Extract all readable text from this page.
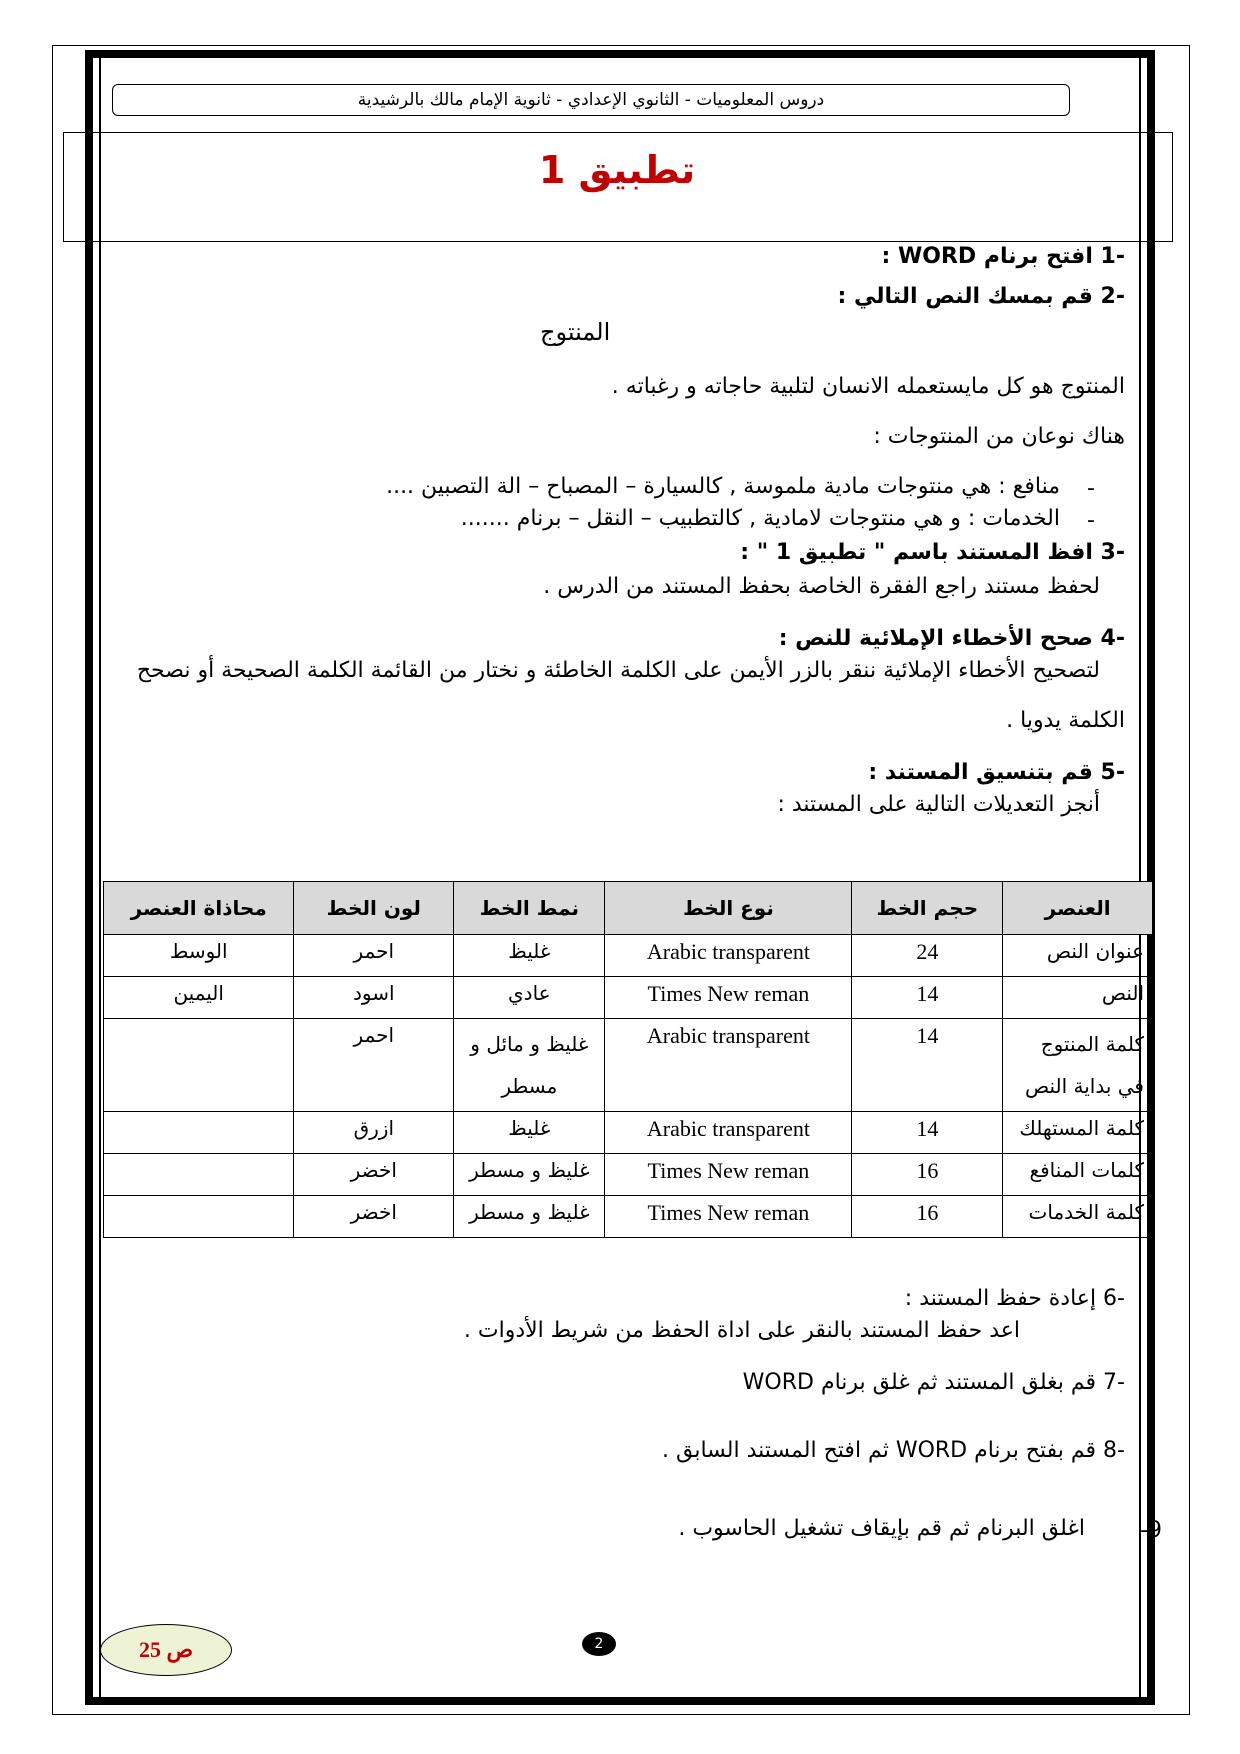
دروس المعلوميات - الثانوي الإعدادي - ثانوية الإمام مالك بالرشيدية
تطبيق 1
-1 افتح برنام WORD :
-2 قم بمسك النص التالي :
المنتوج
المنتوج هو كل مايستعمله الانسان لتلبية حاجاته و رغباته .
هناك نوعان من المنتوجات :
-
منافع : هي منتوجات مادية ملموسة , كالسيارة – المصباح – الة التصبين ....
-
الخدمات : و هي منتوجات لامادية , كالتطبيب – النقل – برنام .......
-3 افظ المستند باسم " تطبيق 1 " :
لحفظ مستند راجع الفقرة الخاصة بحفظ المستند من الدرس .
-4 صحح الأخطاء الإملائية للنص :
لتصحيح الأخطاء الإملائية ننقر بالزر الأيمن على الكلمة الخاطئة و نختار من القائمة الكلمة الصحيحة أو نصحح
الكلمة يدويا .
-5 قم بتنسيق المستند :
أنجز التعديلات التالية على المستند :
العنصر	حجم الخط	نوع الخط	نمط الخط	لون الخط	محاذاة العنصر
عنوان النص	24	Arabic transparent	غليظ	احمر	الوسط
النص	14	Times New reman	عادي	اسود	اليمين
كلمة المنتوج في بداية النص	14	Arabic transparent	غليظ و مائل و مسطر	احمر	
كلمة المستهلك	14	Arabic transparent	غليظ	ازرق	
كلمات المنافع	16	Times New reman	غليظ و مسطر	اخضر	
كلمة الخدمات	16	Times New reman	غليظ و مسطر	اخضر	
-6 إعادة حفظ المستند :
اعد حفظ المستند بالنقر على اداة الحفظ من شريط الأدوات .
-7 قم بغلق المستند ثم غلق برنام WORD
-8 قم بفتح برنام WORD ثم افتح المستند السابق .
-9
اغلق البرنام ثم قم بإيقاف تشغيل الحاسوب .
ص 25	2
